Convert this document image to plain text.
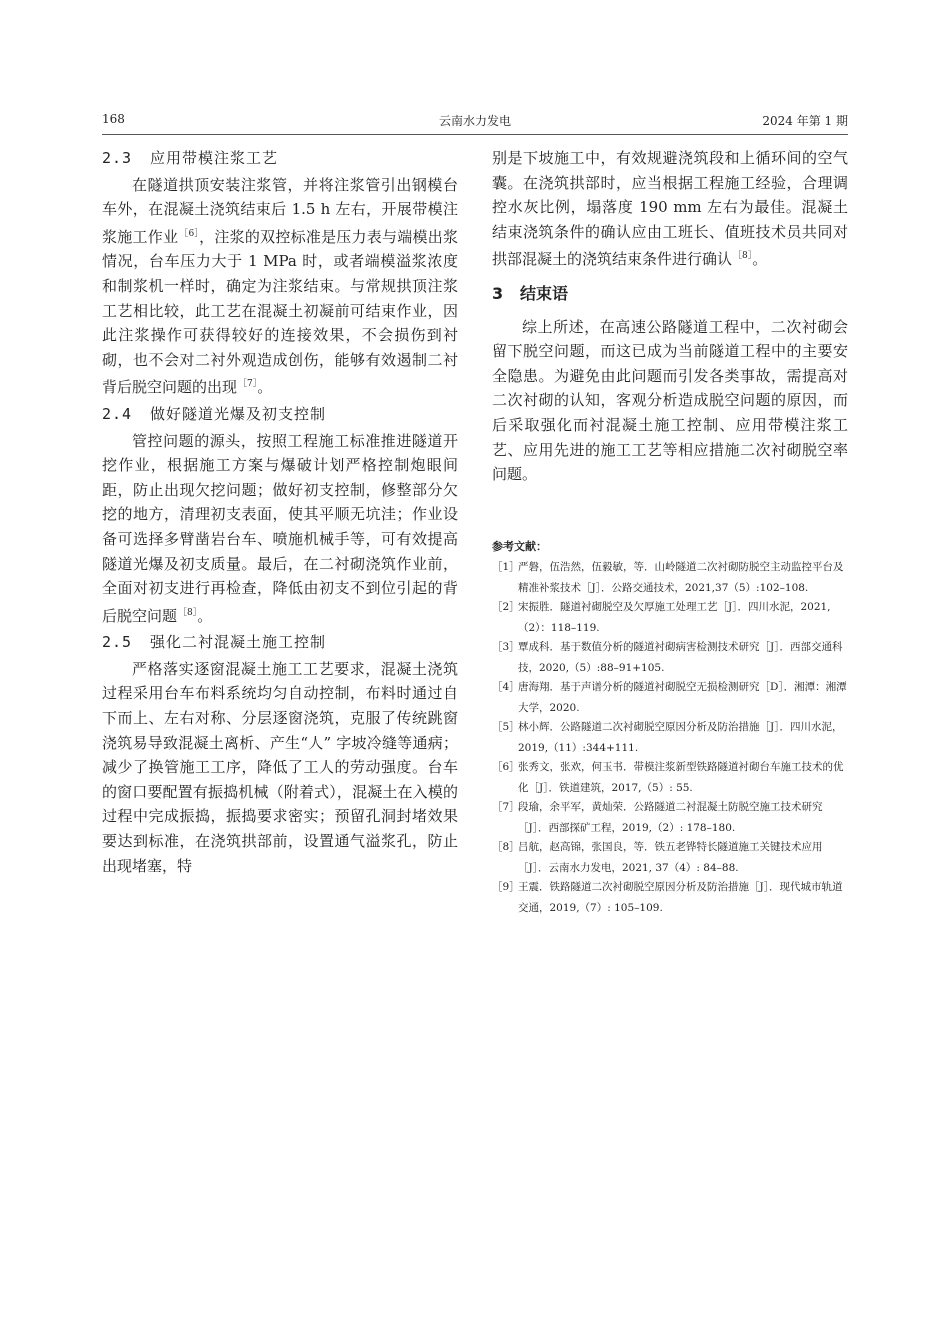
168	云南水力发电	2024 年第 1 期
2.3 应用带模注浆工艺

在隧道拱顶安装注浆管，并将注浆管引出钢模台车外，在混凝土浇筑结束后 1.5 h 左右，开展带模注浆施工作业$^{[6]}$，注浆的双控标准是压力表与端模出浆情况，台车压力大于 1 MPa 时，或者端模溢浆浓度和制浆机一样时，确定为注浆结束。与常规拱顶注浆工艺相比较，此工艺在混凝土初凝前可结束作业，因此注浆操作可获得较好的连接效果，不会损伤到衬砌，也不会对二衬外观造成创伤，能够有效遏制二衬背后脱空问题的出现$^{[7]}$。

2.4 做好隧道光爆及初支控制

管控问题的源头，按照工程施工标准推进隧道开挖作业，根据施工方案与爆破计划严格控制炮眼间距，防止出现欠挖问题；做好初支控制，修整部分欠挖的地方，清理初支表面，使其平顺无坑洼；作业设备可选择多臂凿岩台车、喷施机械手等，可有效提高隧道光爆及初支质量。最后，在二衬砌浇筑作业前，全面对初支进行再检查，降低由初支不到位引起的背后脱空问题$^{[8]}$。

2.5 强化二衬混凝土施工控制

严格落实逐窗混凝土施工工艺要求，混凝土浇筑过程采用台车布料系统均匀自动控制，布料时通过自下而上、左右对称、分层逐窗浇筑，克服了传统跳窗浇筑易导致混凝土离析、产生“人” 字坡冷缝等通病；减少了换管施工工序，降低了工人的劳动强度。台车的窗口要配置有振捣机械（附着式），混凝土在入模的过程中完成振捣，振捣要求密实；预留孔洞封堵效果要达到标准，在浇筑拱部前，设置通气溢浆孔，防止出现堵塞，特

别是下坡施工中，有效规避浇筑段和上循环间的空气囊。在浇筑拱部时，应当根据工程施工经验，合理调控水灰比例，塌落度 190 mm 左右为最佳。混凝土结束浇筑条件的确认应由工班长、值班技术员共同对拱部混凝土的浇筑结束条件进行确认$^{[8]}$。

3 结束语

综上所述，在高速公路隧道工程中，二次衬砌会留下脱空问题，而这已成为当前隧道工程中的主要安全隐患。为避免由此问题而引发各类事故，需提高对二次衬砌的认知，客观分析造成脱空问题的原因，而后采取强化而衬混凝土施工控制、应用带模注浆工艺、应用先进的施工工艺等相应措施二次衬砌脱空率问题。

参考文献：
［1］
严磐，伍浩然，伍毅敏，等．山岭隧道二次衬砌防脱空主动监控平台及精准补浆技术［J］．公路交通技术，2021,37（5）:102–108.
［2］
宋振胜．隧道衬砌脱空及欠厚施工处理工艺［J］．四川水泥，2021,（2）：118–119.
［3］
覃成科．基于数值分析的隧道衬砌病害检测技术研究［J］．西部交通科技，2020,（5）:88–91+105.
［4］
唐海翔．基于声谱分析的隧道衬砌脱空无损检测研究［D］．湘潭：湘潭大学，2020.
［5］
林小辉．公路隧道二次衬砌脱空原因分析及防治措施［J］．四川水泥，2019,（11）:344+111.
［6］
张秀文，张欢，何玉书．带模注浆新型铁路隧道衬砌台车施工技术的优化［J］．铁道建筑，2017,（5）: 55.
［7］
段瑜，余平军，黄灿荣．公路隧道二衬混凝土防脱空施工技术研究［J］．西部探矿工程，2019,（2）: 178–180.
［8］
吕航，赵高锦，张国良，等．铁五老铧特长隧道施工关键技术应用［J］．云南水力发电，2021, 37（4）: 84–88.
［9］
王震．铁路隧道二次衬砌脱空原因分析及防治措施［J］．现代城市轨道交通，2019,（7）: 105–109.
